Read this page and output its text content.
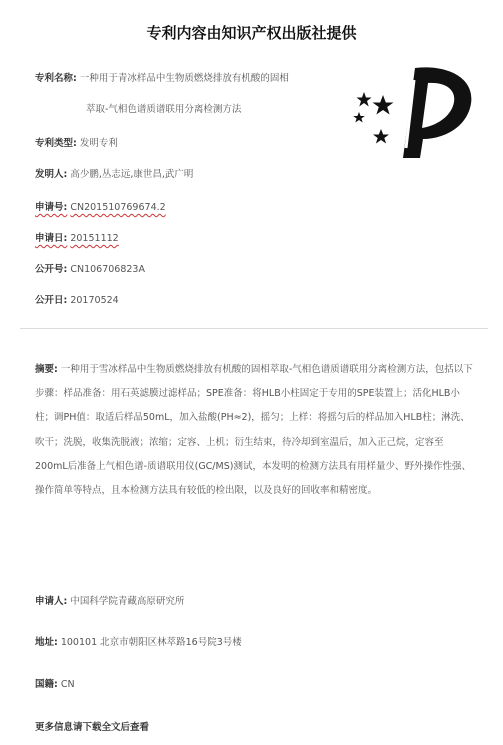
专利内容由知识产权出版社提供
专利名称: 一种用于青冰样品中生物质燃烧排放有机酸的固相
萃取-气相色谱质谱联用分离检测方法
专利类型: 发明专利
发明人: 高少鹏,丛志远,康世昌,武广明
申请号: CN201510769674.2
申请日: 20151112
公开号: CN106706823A
公开日: 20170524
摘要: 一种用于雪冰样品中生物质燃烧排放有机酸的固相萃取-气相色谱质谱联用分离检测方法，包括以下步骤：样品准备：用石英滤膜过滤样品；SPE准备：将HLB小柱固定于专用的SPE装置上；活化HLB小柱；调PH值：取适后样品50mL，加入盐酸(PH≈2)，摇匀；上样：将摇匀后的样品加入HLB柱；淋洗、吹干；洗脱，收集洗脱液；浓缩；定容、上机；衍生结束，待冷却到室温后，加入正己烷，定容至200mL后准备上气相色谱-质谱联用仪(GC/MS)测试，本发明的检测方法具有用样量少、野外操作性强、操作简单等特点，且本检测方法具有较低的检出限，以及良好的回收率和精密度。
申请人: 中国科学院青藏高原研究所
地址: 100101 北京市朝阳区林萃路16号院3号楼
国籍: CN
更多信息请下载全文后查看
